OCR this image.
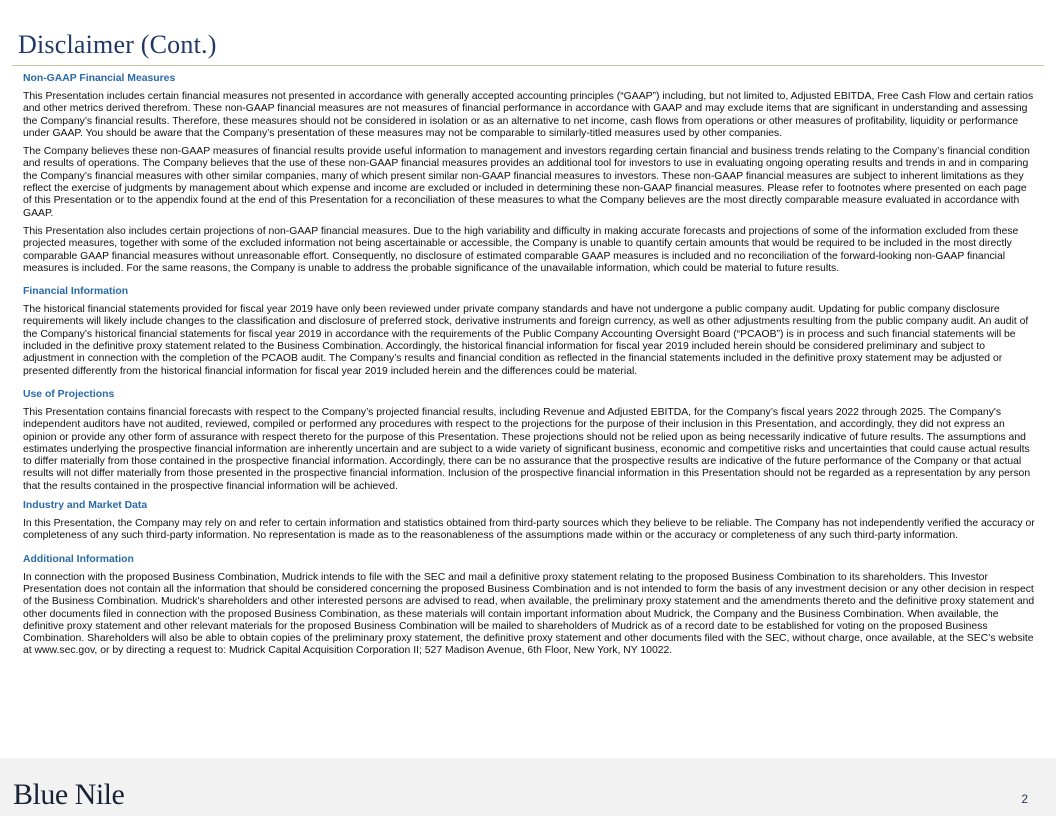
Disclaimer (Cont.)
Non-GAAP Financial Measures

This Presentation includes certain financial measures not presented in accordance with generally accepted accounting principles (“GAAP”) including, but not limited to, Adjusted EBITDA, Free Cash Flow and certain ratios and other metrics derived therefrom. These non-GAAP financial measures are not measures of financial performance in accordance with GAAP and may exclude items that are significant in understanding and assessing the Company’s financial results. Therefore, these measures should not be considered in isolation or as an alternative to net income, cash flows from operations or other measures of profitability, liquidity or performance under GAAP. You should be aware that the Company’s presentation of these measures may not be comparable to similarly-titled measures used by other companies.

The Company believes these non-GAAP measures of financial results provide useful information to management and investors regarding certain financial and business trends relating to the Company’s financial condition and results of operations. The Company believes that the use of these non-GAAP financial measures provides an additional tool for investors to use in evaluating ongoing operating results and trends in and in comparing the Company’s financial measures with other similar companies, many of which present similar non-GAAP financial measures to investors. These non-GAAP financial measures are subject to inherent limitations as they reflect the exercise of judgments by management about which expense and income are excluded or included in determining these non-GAAP financial measures. Please refer to footnotes where presented on each page of this Presentation or to the appendix found at the end of this Presentation for a reconciliation of these measures to what the Company believes are the most directly comparable measure evaluated in accordance with GAAP.

This Presentation also includes certain projections of non-GAAP financial measures. Due to the high variability and difficulty in making accurate forecasts and projections of some of the information excluded from these projected measures, together with some of the excluded information not being ascertainable or accessible, the Company is unable to quantify certain amounts that would be required to be included in the most directly comparable GAAP financial measures without unreasonable effort. Consequently, no disclosure of estimated comparable GAAP measures is included and no reconciliation of the forward-looking non-GAAP financial measures is included. For the same reasons, the Company is unable to address the probable significance of the unavailable information, which could be material to future results.

Financial Information

The historical financial statements provided for fiscal year 2019 have only been reviewed under private company standards and have not undergone a public company audit. Updating for public company disclosure requirements will likely include changes to the classification and disclosure of preferred stock, derivative instruments and foreign currency, as well as other adjustments resulting from the public company audit. An audit of the Company’s historical financial statements for fiscal year 2019 in accordance with the requirements of the Public Company Accounting Oversight Board (“PCAOB”) is in process and such financial statements will be included in the definitive proxy statement related to the Business Combination. Accordingly, the historical financial information for fiscal year 2019 included herein should be considered preliminary and subject to adjustment in connection with the completion of the PCAOB audit. The Company’s results and financial condition as reflected in the financial statements included in the definitive proxy statement may be adjusted or presented differently from the historical financial information for fiscal year 2019 included herein and the differences could be material.

Use of Projections

This Presentation contains financial forecasts with respect to the Company’s projected financial results, including Revenue and Adjusted EBITDA, for the Company’s fiscal years 2022 through 2025. The Company's independent auditors have not audited, reviewed, compiled or performed any procedures with respect to the projections for the purpose of their inclusion in this Presentation, and accordingly, they did not express an opinion or provide any other form of assurance with respect thereto for the purpose of this Presentation. These projections should not be relied upon as being necessarily indicative of future results. The assumptions and estimates underlying the prospective financial information are inherently uncertain and are subject to a wide variety of significant business, economic and competitive risks and uncertainties that could cause actual results to differ materially from those contained in the prospective financial information. Accordingly, there can be no assurance that the prospective results are indicative of the future performance of the Company or that actual results will not differ materially from those presented in the prospective financial information. Inclusion of the prospective financial information in this Presentation should not be regarded as a representation by any person that the results contained in the prospective financial information will be achieved.

Industry and Market Data

In this Presentation, the Company may rely on and refer to certain information and statistics obtained from third-party sources which they believe to be reliable. The Company has not independently verified the accuracy or completeness of any such third-party information. No representation is made as to the reasonableness of the assumptions made within or the accuracy or completeness of any such third-party information.

Additional Information

In connection with the proposed Business Combination, Mudrick intends to file with the SEC and mail a definitive proxy statement relating to the proposed Business Combination to its shareholders. This Investor Presentation does not contain all the information that should be considered concerning the proposed Business Combination and is not intended to form the basis of any investment decision or any other decision in respect of the Business Combination. Mudrick’s shareholders and other interested persons are advised to read, when available, the preliminary proxy statement and the amendments thereto and the definitive proxy statement and other documents filed in connection with the proposed Business Combination, as these materials will contain important information about Mudrick, the Company and the Business Combination. When available, the definitive proxy statement and other relevant materials for the proposed Business Combination will be mailed to shareholders of Mudrick as of a record date to be established for voting on the proposed Business Combination. Shareholders will also be able to obtain copies of the preliminary proxy statement, the definitive proxy statement and other documents filed with the SEC, without charge, once available, at the SEC’s website at www.sec.gov, or by directing a request to: Mudrick Capital Acquisition Corporation II; 527 Madison Avenue, 6th Floor, New York, NY 10022.

Blue Nile	2
